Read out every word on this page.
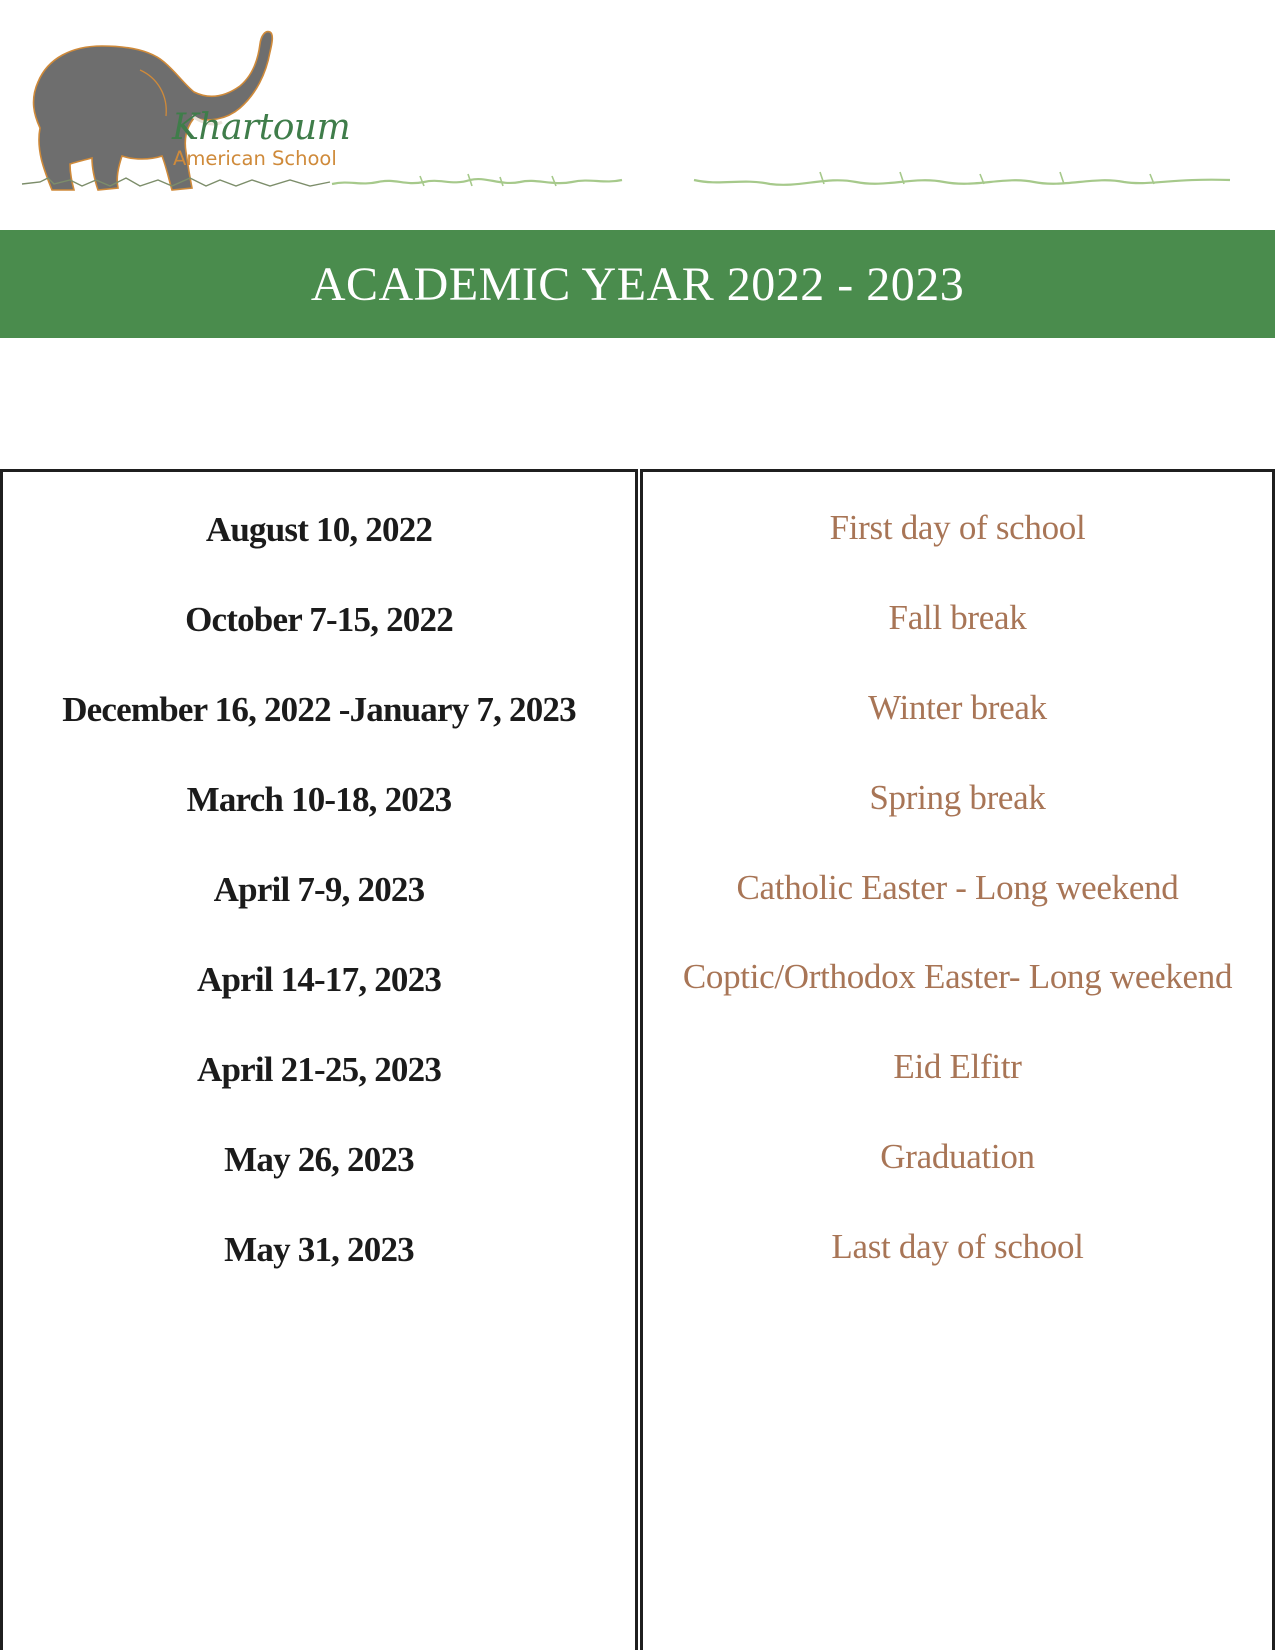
Khartoum
American School
ACADEMIC YEAR 2022 - 2023
August 10, 2022
October 7-15, 2022
December 16, 2022 -January 7, 2023
March 10-18, 2023
April 7-9, 2023
April 14-17, 2023
April 21-25, 2023
May 26, 2023
May 31, 2023
First day of school
Fall break
Winter break
Spring break
Catholic Easter - Long weekend
Coptic/Orthodox Easter- Long weekend
Eid Elfitr
Graduation
Last day of school
